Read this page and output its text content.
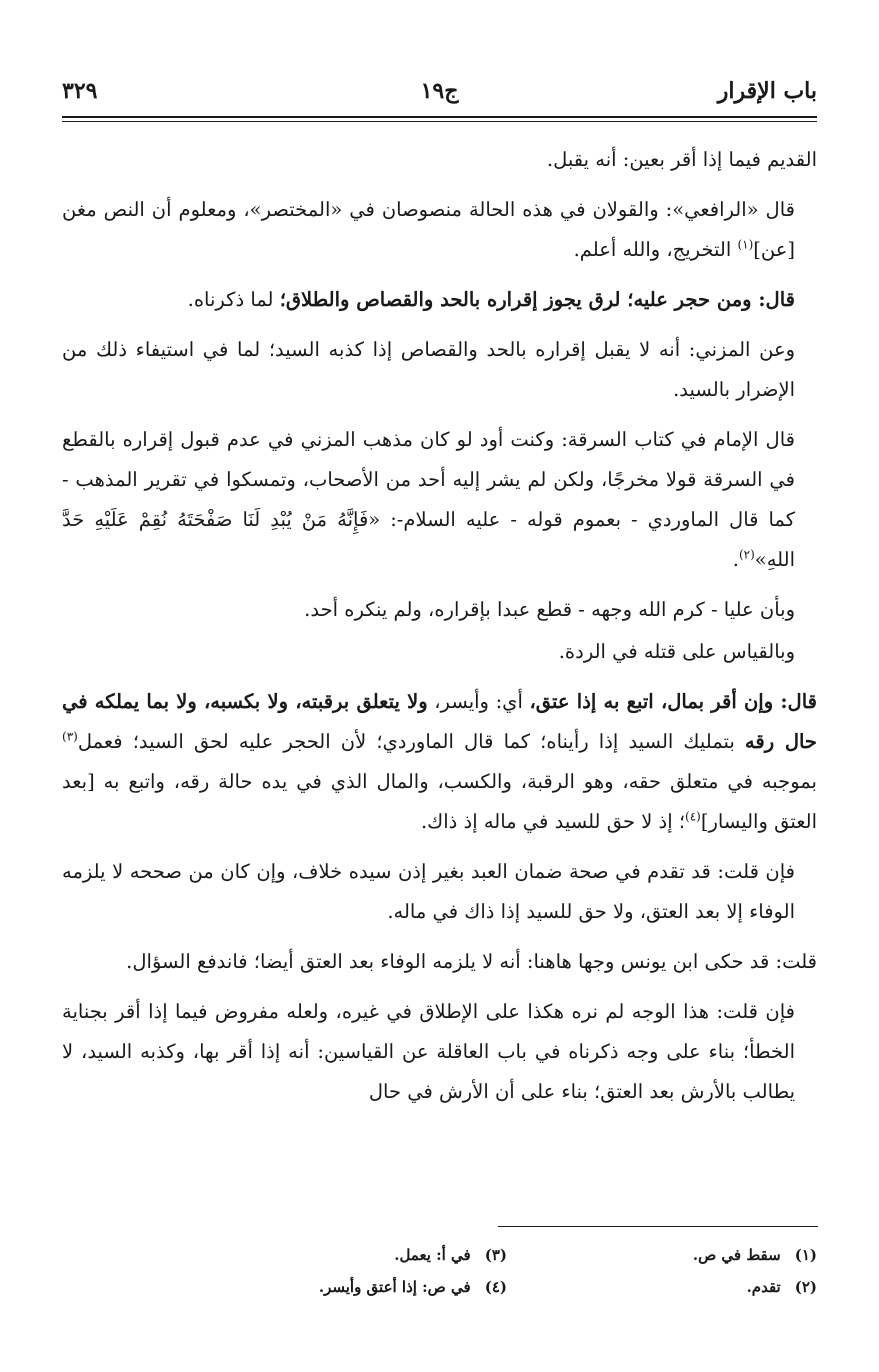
باب الإقرار
ج١٩
٣٢٩

القديم فيما إذا أقر بعين: أنه يقبل.

قال «الرافعي»: والقولان في هذه الحالة منصوصان في «المختصر»، ومعلوم أن النص مغن [عن]$^{(١)}$ التخريج، والله أعلم.

قال: ومن حجر عليه؛ لرق يجوز إقراره بالحد والقصاص والطلاق؛ لما ذكرناه.

وعن المزني: أنه لا يقبل إقراره بالحد والقصاص إذا كذبه السيد؛ لما في استيفاء ذلك من الإضرار بالسيد.

قال الإمام في كتاب السرقة: وكنت أود لو كان مذهب المزني في عدم قبول إقراره بالقطع في السرقة قولا مخرجًا، ولكن لم يشر إليه أحد من الأصحاب، وتمسكوا في تقرير المذهب - كما قال الماوردي - بعموم قوله - عليه السلام-: «فَإِنَّهُ مَنْ يُبْدِ لَنَا صَفْحَتَهُ نُقِمْ عَلَيْهِ حَدَّ اللهِ»$^{(٢)}$.

وبأن عليا - كرم الله وجهه - قطع عبدا بإقراره، ولم ينكره أحد.

وبالقياس على قتله في الردة.

قال: وإن أقر بمال، اتبع به إذا عتق، أي: وأيسر، ولا يتعلق برقبته، ولا بكسبه، ولا بما يملكه في حال رقه بتمليك السيد إذا رأيناه؛ كما قال الماوردي؛ لأن الحجر عليه لحق السيد؛ فعمل$^{(٣)}$ بموجبه في متعلق حقه، وهو الرقبة، والكسب، والمال الذي في يده حالة رقه، واتبع به [بعد العتق واليسار]$^{(٤)}$؛ إذ لا حق للسيد في ماله إذ ذاك.

فإن قلت: قد تقدم في صحة ضمان العبد بغير إذن سيده خلاف، وإن كان من صححه لا يلزمه الوفاء إلا بعد العتق، ولا حق للسيد إذا ذاك في ماله.

قلت: قد حكى ابن يونس وجها هاهنا: أنه لا يلزمه الوفاء بعد العتق أيضا؛ فاندفع السؤال.

فإن قلت: هذا الوجه لم نره هكذا على الإطلاق في غيره، ولعله مفروض فيما إذا أقر بجناية الخطأ؛ بناء على وجه ذكرناه في باب العاقلة عن القياسين: أنه إذا أقر بها، وكذبه السيد، لا يطالب بالأرش بعد العتق؛ بناء على أن الأرش في حال

(١)سقط في ص.
(٢)تقدم.
(٣)في أ: يعمل.
(٤)في ص: إذا أعتق وأيسر.
